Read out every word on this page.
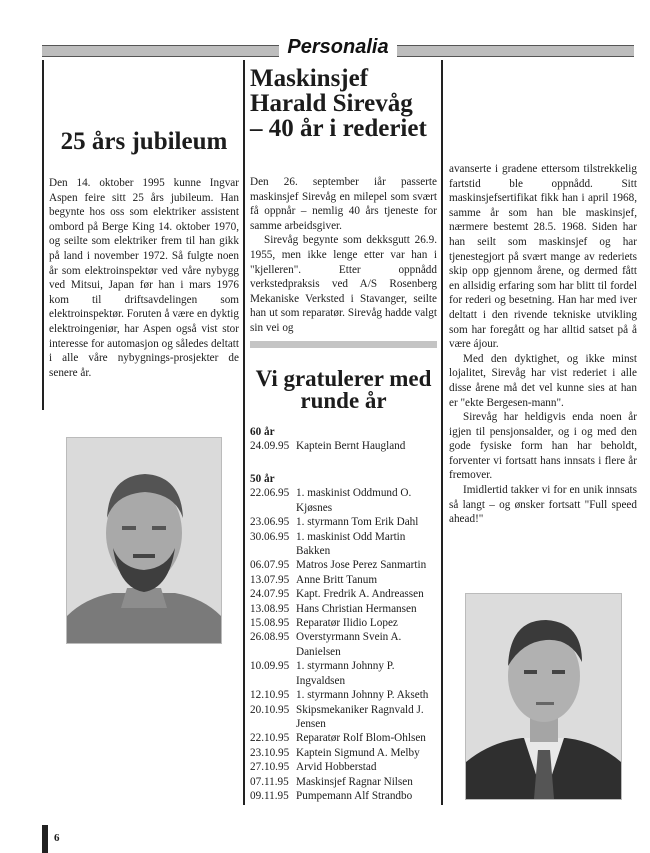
Personalia
25 års jubileum

Den 14. oktober 1995 kunne Ingvar Aspen feire sitt 25 års jubileum. Han begynte hos oss som elektriker assistent ombord på Berge King 14. oktober 1970, og seilte som elektriker frem til han gikk på land i november 1972. Så fulgte noen år som elektroinspektør ved våre nybygg ved Mitsui, Japan før han i mars 1976 kom til driftsavdelingen som elektroinspektør. Foruten å være en dyktig elektroingeniør, har Aspen også vist stor interesse for automasjon og således deltatt i alle våre nybygnings-prosjekter de senere år.

Maskinsjef
Harald Sirevåg
– 40 år i rederiet

Den 26. september iår passerte maskinsjef Sirevåg en milepel som svært få oppnår – nemlig 40 års tjeneste for samme arbeidsgiver.

Sirevåg begynte som dekksgutt 26.9. 1955, men ikke lenge etter var han i "kjelleren". Etter oppnådd verkstedpraksis ved A/S Rosenberg Mekaniske Verksted i Stavanger, seilte han ut som reparatør. Sirevåg hadde valgt sin vei og

Vi gratulerer med
runde år

60 år

24.09.95 Kaptein Bernt Haugland

50 år

22.06.95 1. maskinist Oddmund O. Kjøsnes
23.06.95 1. styrmann Tom Erik Dahl
30.06.95 1. maskinist Odd Martin Bakken
06.07.95 Matros Jose Perez Sanmartin
13.07.95 Anne Britt Tanum
24.07.95 Kapt. Fredrik A. Andreassen
13.08.95 Hans Christian Hermansen
15.08.95 Reparatør Ilidio Lopez
26.08.95 Overstyrmann Svein A. Danielsen
10.09.95 1. styrmann Johnny P. Ingvaldsen
12.10.95 1. styrmann Johnny P. Akseth
20.10.95 Skipsmekaniker Ragnvald J. Jensen
22.10.95 Reparatør Rolf Blom-Ohlsen
23.10.95 Kaptein Sigmund A. Melby
27.10.95 Arvid Hobberstad
07.11.95 Maskinsjef Ragnar Nilsen
09.11.95 Pumpemann Alf Strandbo

avanserte i gradene ettersom tilstrekkelig fartstid ble oppnådd. Sitt maskinsjefsertifikat fikk han i april 1968, samme år som han ble maskinsjef, nærmere bestemt 28.5. 1968. Siden har han seilt som maskinsjef og har tjenestegjort på svært mange av rederiets skip opp gjennom årene, og dermed fått en allsidig erfaring som har blitt til fordel for rederi og besetning. Han har med iver deltatt i den rivende tekniske utvikling som har foregått og har alltid satset på å være ájour.

Med den dyktighet, og ikke minst lojalitet, Sirevåg har vist rederiet i alle disse årene må det vel kunne sies at han er "ekte Bergesen-mann".

Sirevåg har heldigvis enda noen år igjen til pensjonsalder, og i og med den gode fysiske form han har beholdt, forventer vi fortsatt hans innsats i flere år fremover.

Imidlertid takker vi for en unik innsats så langt – og ønsker fortsatt "Full speed ahead!"

6
